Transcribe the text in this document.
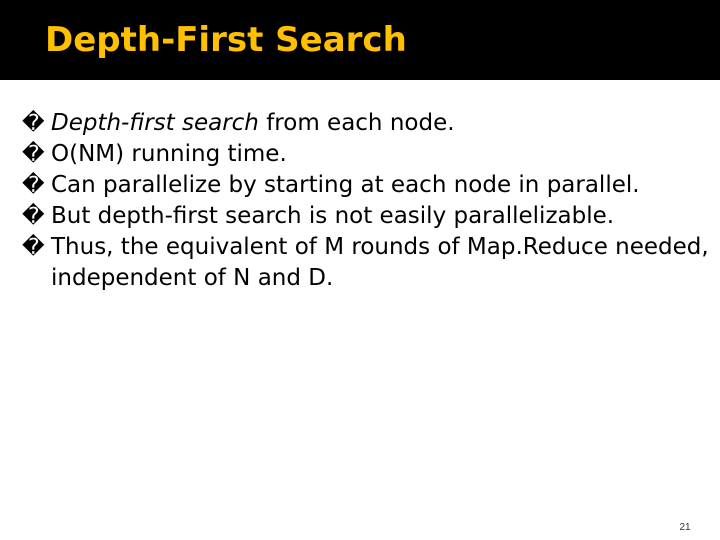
Depth-First Search
� Depth-first search from each node.
� O(NM) running time.
� Can parallelize by starting at each node in parallel.
� But depth-first search is not easily parallelizable.
� Thus, the equivalent of M rounds of Map.Reduce needed, independent of N and D.
21
